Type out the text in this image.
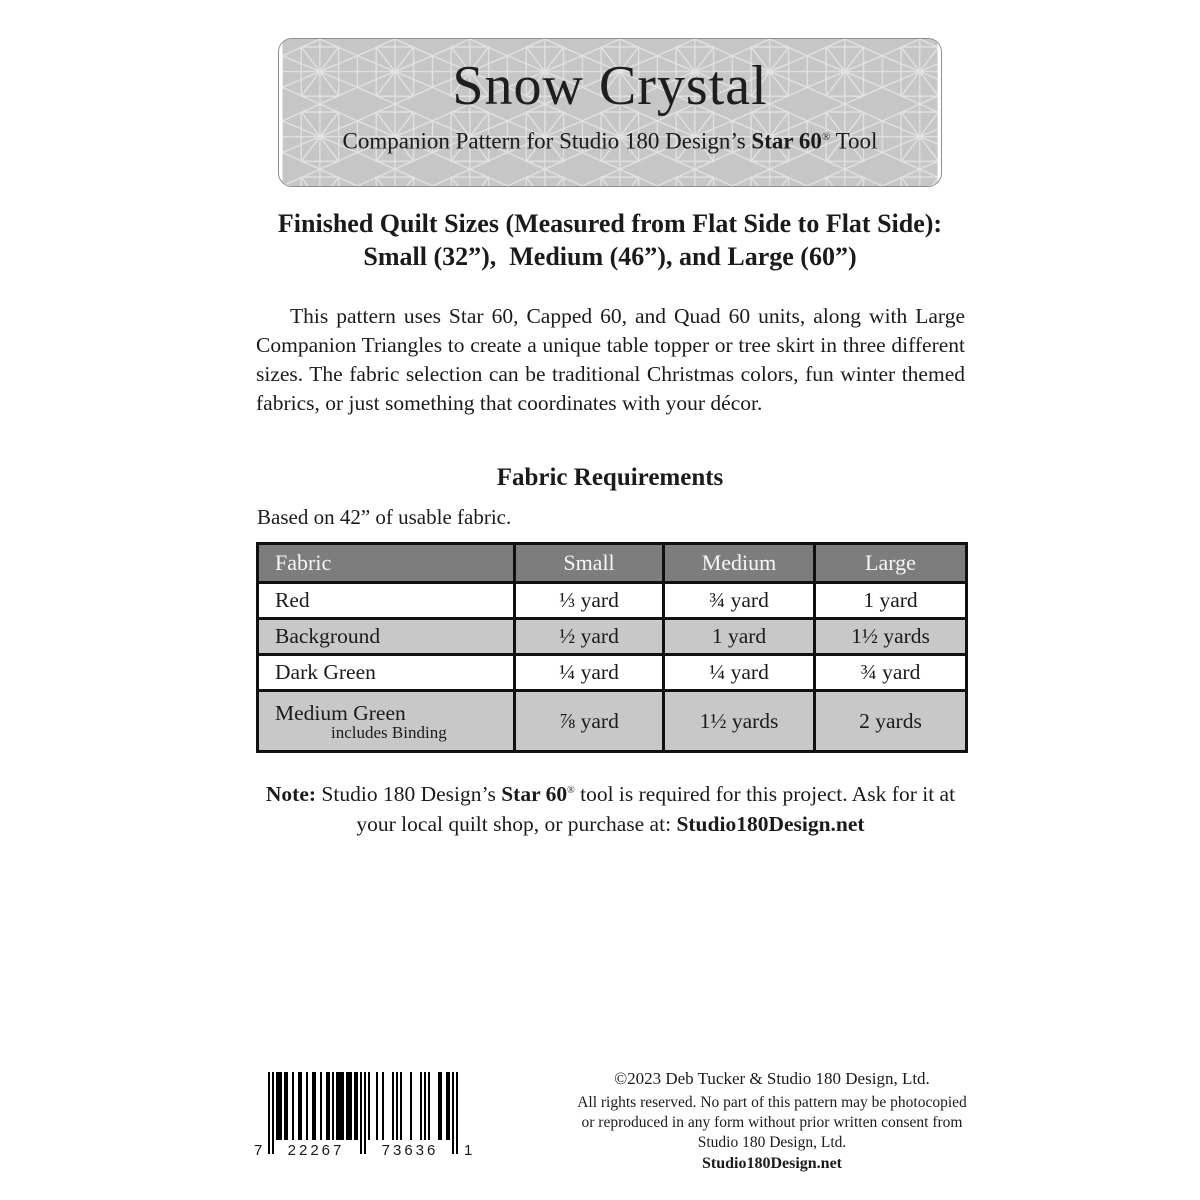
Snow Crystal
Companion Pattern for Studio 180 Design’s Star 60® Tool
Finished Quilt Sizes (Measured from Flat Side to Flat Side):
Small (32”),  Medium (46”), and Large (60”)

This pattern uses Star 60, Capped 60, and Quad 60 units, along with Large Companion Triangles to create a unique table topper or tree skirt in three different sizes. The fabric selection can be traditional Christmas colors, fun winter themed fabrics, or just something that coordinates with your décor.

Fabric Requirements
Based on 42” of usable fabric.
Fabric	Small	Medium	Large
Red	⅓ yard	¾ yard	1 yard
Background	½ yard	1 yard	1½ yards
Dark Green	¼ yard	¼ yard	¾ yard
Medium Green
includes Binding	⅞ yard	1½ yards	2 yards
Note: Studio 180 Design’s Star 60® tool is required for this project. Ask for it at your local quilt shop, or purchase at: Studio180Design.net
7	22267	73636	1
©2023 Deb Tucker & Studio 180 Design, Ltd.
All rights reserved. No part of this pattern may be photocopied
or reproduced in any form without prior written consent from
Studio 180 Design, Ltd.
Studio180Design.net
